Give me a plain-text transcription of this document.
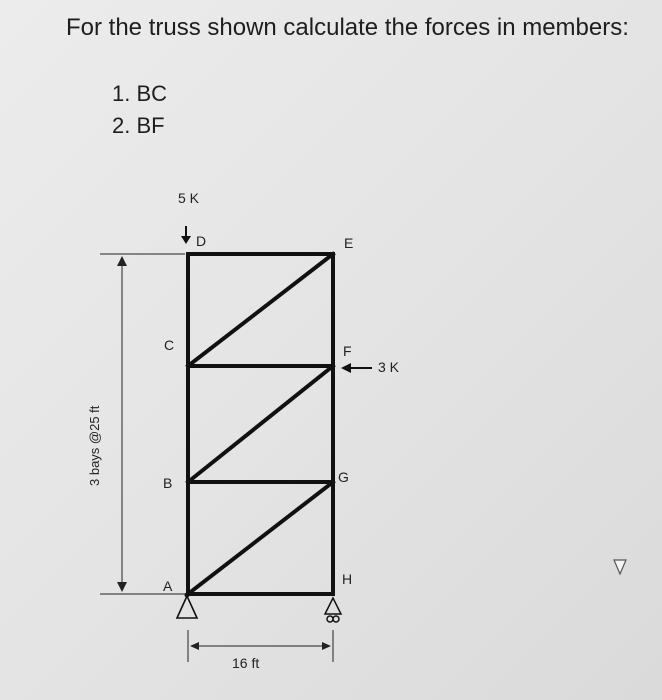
For the truss shown calculate the forces in members:
1. BC
2. BF
D	E
C	F
B	G
A	H
5 K
3 K
3 bays @25 ft
16 ft
